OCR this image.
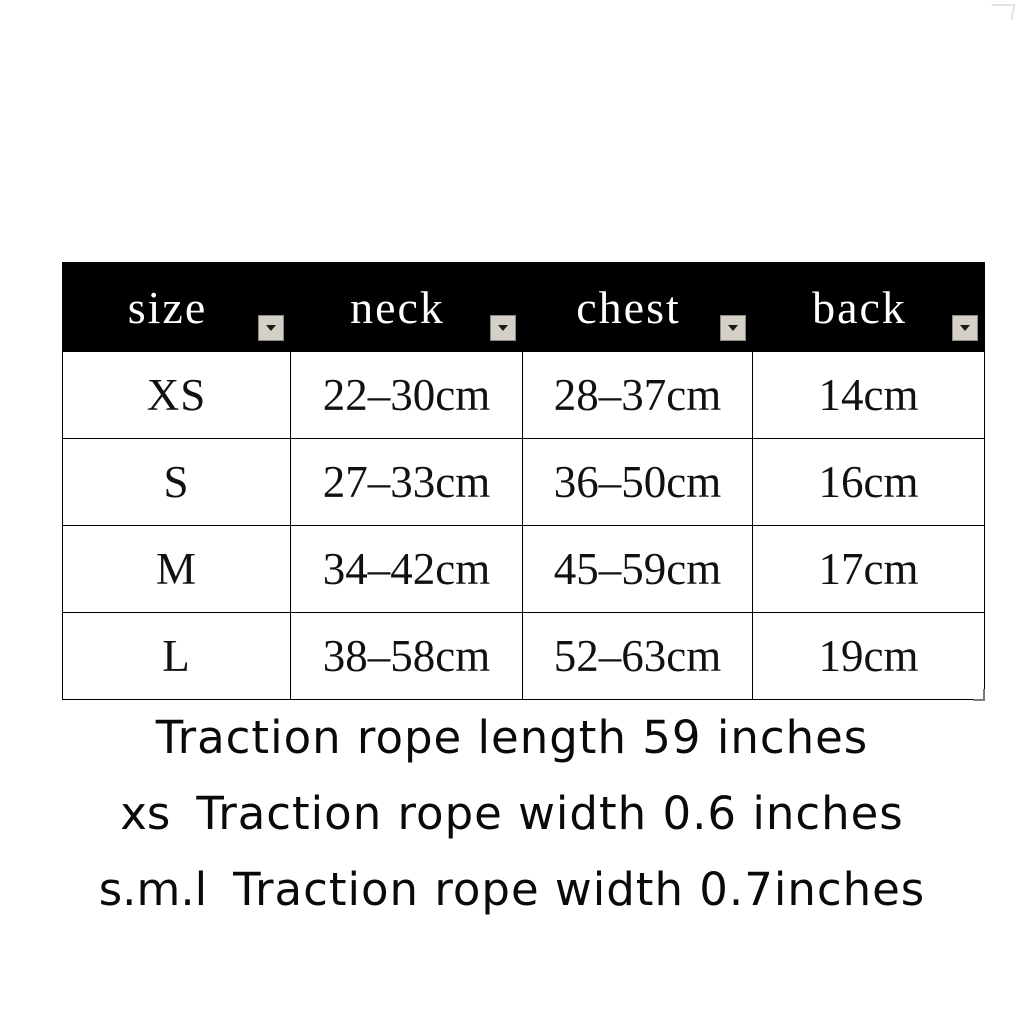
size	neck	chest	back

XS	22–30cm	28–37cm	14cm
S	27–33cm	36–50cm	16cm
M	34–42cm	45–59cm	17cm
L	38–58cm	52–63cm	19cm
Traction rope length 59 inches
xs Traction rope width 0.6 inches
s.m.l Traction rope width 0.7inches
